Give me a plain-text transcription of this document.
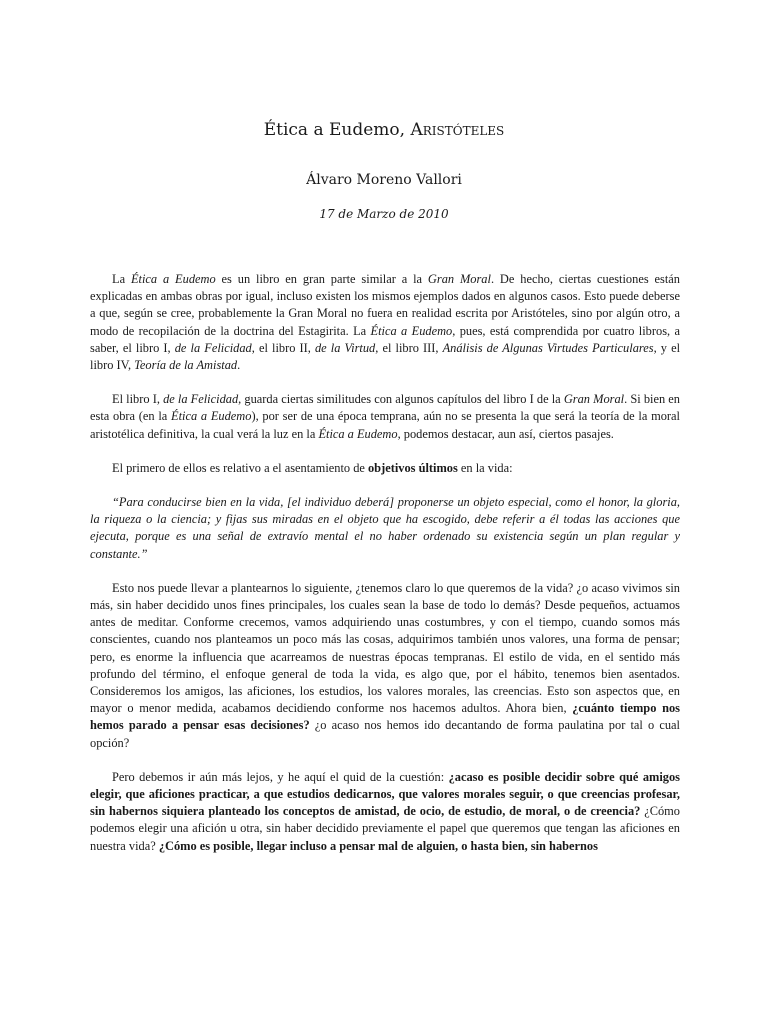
Ética a Eudemo, Aristóteles
Álvaro Moreno Vallori
17 de Marzo de 2010

La Ética a Eudemo es un libro en gran parte similar a la Gran Moral. De hecho, ciertas cuestiones están explicadas en ambas obras por igual, incluso existen los mismos ejemplos dados en algunos casos. Esto puede deberse a que, según se cree, probablemente la Gran Moral no fuera en realidad escrita por Aristóteles, sino por algún otro, a modo de recopilación de la doctrina del Estagirita. La Ética a Eudemo, pues, está comprendida por cuatro libros, a saber, el libro I, de la Felicidad, el libro II, de la Virtud, el libro III, Análisis de Algunas Virtudes Particulares, y el libro IV, Teoría de la Amistad.

El libro I, de la Felicidad, guarda ciertas similitudes con algunos capítulos del libro I de la Gran Moral. Si bien en esta obra (en la Ética a Eudemo), por ser de una época temprana, aún no se presenta la que será la teoría de la moral aristotélica definitiva, la cual verá la luz en la Ética a Eudemo, podemos destacar, aun así, ciertos pasajes.

El primero de ellos es relativo a el asentamiento de objetivos últimos en la vida:

“Para conducirse bien en la vida, [el individuo deberá] proponerse un objeto especial, como el honor, la gloria, la riqueza o la ciencia; y fijas sus miradas en el objeto que ha escogido, debe referir a él todas las acciones que ejecuta, porque es una señal de extravío mental el no haber ordenado su existencia según un plan regular y constante.”

Esto nos puede llevar a plantearnos lo siguiente, ¿tenemos claro lo que queremos de la vida? ¿o acaso vivimos sin más, sin haber decidido unos fines principales, los cuales sean la base de todo lo demás? Desde pequeños, actuamos antes de meditar. Conforme crecemos, vamos adquiriendo unas costumbres, y con el tiempo, cuando somos más conscientes, cuando nos planteamos un poco más las cosas, adquirimos también unos valores, una forma de pensar; pero, es enorme la influencia que acarreamos de nuestras épocas tempranas. El estilo de vida, en el sentido más profundo del término, el enfoque general de toda la vida, es algo que, por el hábito, tenemos bien asentados. Consideremos los amigos, las aficiones, los estudios, los valores morales, las creencias. Esto son aspectos que, en mayor o menor medida, acabamos decidiendo conforme nos hacemos adultos. Ahora bien, ¿cuánto tiempo nos hemos parado a pensar esas decisiones? ¿o acaso nos hemos ido decantando de forma paulatina por tal o cual opción?

Pero debemos ir aún más lejos, y he aquí el quid de la cuestión: ¿acaso es posible decidir sobre qué amigos elegir, que aficiones practicar, a que estudios dedicarnos, que valores morales seguir, o que creencias profesar, sin habernos siquiera planteado los conceptos de amistad, de ocio, de estudio, de moral, o de creencia? ¿Cómo podemos elegir una afición u otra, sin haber decidido previamente el papel que queremos que tengan las aficiones en nuestra vida? ¿Cómo es posible, llegar incluso a pensar mal de alguien, o hasta bien, sin habernos
